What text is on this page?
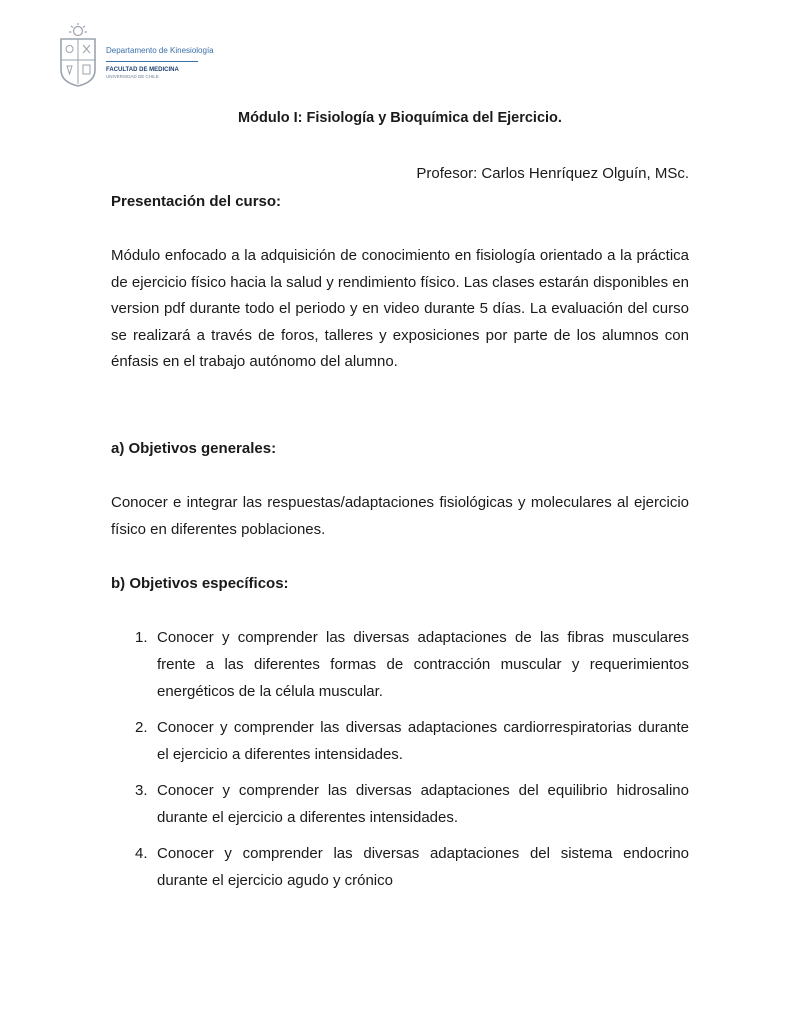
Departamento de Kinesiología
FACULTAD DE MEDICINA
UNIVERSIDAD DE CHILE
Módulo I: Fisiología y Bioquímica del Ejercicio.
Profesor: Carlos Henríquez Olguín, MSc.
Presentación del curso:
Módulo enfocado a la adquisición de conocimiento en fisiología orientado a la práctica de ejercicio físico hacia la salud y rendimiento físico. Las clases estarán disponibles en version pdf durante todo el periodo y en video durante 5 días. La evaluación del curso se realizará a través de foros, talleres y exposiciones por parte de los alumnos con énfasis en el trabajo autónomo del alumno.
a) Objetivos generales:
Conocer e integrar las respuestas/adaptaciones fisiológicas y moleculares al ejercicio físico en diferentes poblaciones.
b) Objetivos específicos:
1. Conocer y comprender las diversas adaptaciones de las fibras musculares frente a las diferentes formas de contracción muscular y requerimientos energéticos de la célula muscular.
2. Conocer y comprender las diversas adaptaciones cardiorrespiratorias durante el ejercicio a diferentes intensidades.
3. Conocer y comprender las diversas adaptaciones del equilibrio hidrosalino durante el ejercicio a diferentes intensidades.
4. Conocer y comprender las diversas adaptaciones del sistema endocrino durante el ejercicio agudo y crónico
